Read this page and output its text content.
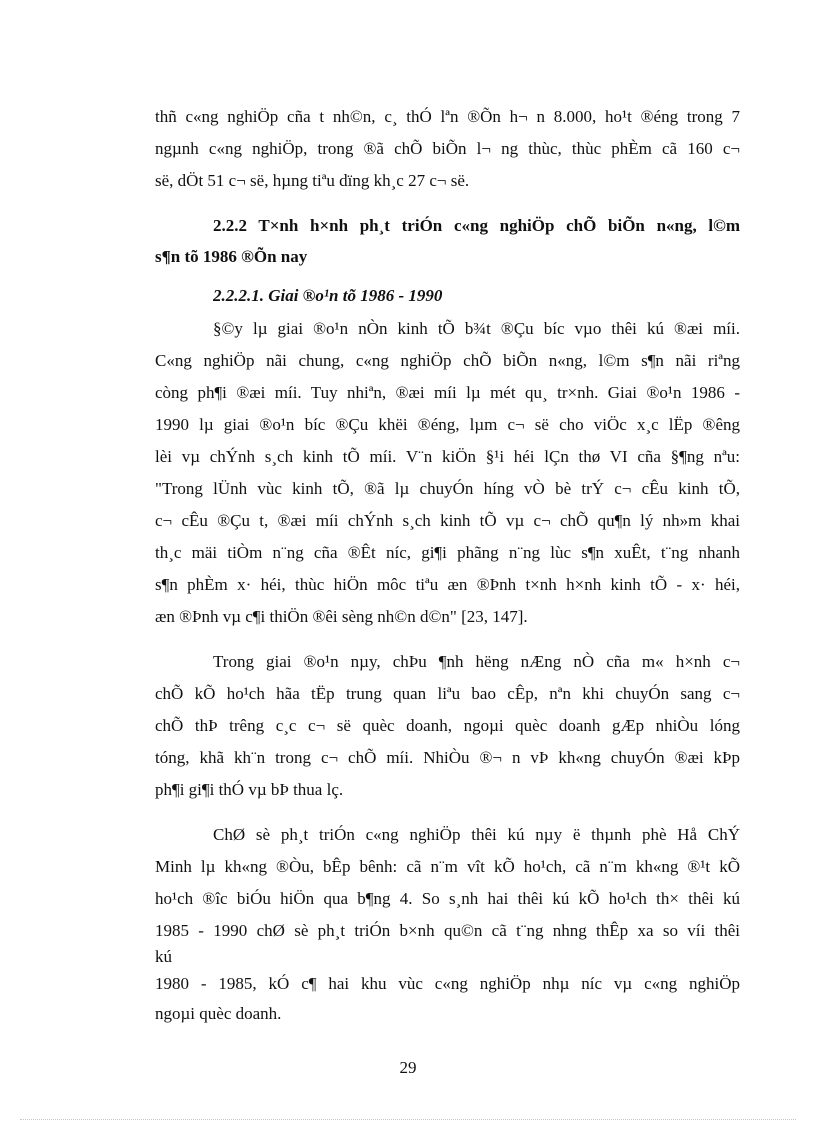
thñ c«ng nghiÖp cña t nh©n, c¸ thÓ lªn ®Õn h¬ n 8.000, ho¹t ®éng trong 7
ngµnh c«ng nghiÖp, trong ®ã chÕ biÕn l¬ ng thùc, thùc phÈm cã 160 c¬
së, dÖt 51 c¬ së, hµng tiªu dïng kh¸c 27 c¬ së.
2.2.2 T×nh h×nh ph¸t triÓn c«ng nghiÖp chÕ biÕn n«ng, l©m
s¶n tõ 1986 ®Õn nay
2.2.2.1. Giai ®o¹n tõ 1986 - 1990
§©y lµ giai ®o¹n nÒn kinh tÕ b¾t ®Çu bíc vµo thêi kú ®æi míi.
C«ng nghiÖp nãi chung, c«ng nghiÖp chÕ biÕn n«ng, l©m s¶n nãi riªng
còng ph¶i ®æi míi. Tuy nhiªn, ®æi míi lµ mét qu¸ tr×nh. Giai ®o¹n 1986 -
1990 lµ giai ®o¹n bíc ®Çu khëi ®éng, lµm c¬ së cho viÖc x¸c lËp ®êng
lèi vµ chÝnh s¸ch kinh tÕ míi. V¨n kiÖn §¹i héi lÇn thø VI cña §¶ng nªu:
"Trong lÜnh vùc kinh tÕ, ®ã lµ chuyÓn híng vÒ bè trÝ c¬ cÊu kinh tÕ,
c¬ cÊu ®Çu t, ®æi míi chÝnh s¸ch kinh tÕ vµ c¬ chÕ qu¶n lý nh»m khai
th¸c mäi tiÒm n¨ng cña ®Êt níc, gi¶i phãng n¨ng lùc s¶n xuÊt, t¨ng nhanh
s¶n phÈm x· héi, thùc hiÖn môc tiªu æn ®Þnh t×nh h×nh kinh tÕ - x· héi,
æn ®Þnh vµ c¶i thiÖn ®êi sèng nh©n d©n" [23, 147].
Trong giai ®o¹n nµy, chÞu ¶nh hëng nÆng nÒ cña m« h×nh c¬
chÕ kÕ ho¹ch hãa tËp trung quan liªu bao cÊp, nªn khi chuyÓn sang c¬
chÕ thÞ trêng c¸c c¬ së quèc doanh, ngoµi quèc doanh gÆp nhiÒu lóng
tóng, khã kh¨n trong c¬ chÕ míi. NhiÒu ®¬ n vÞ kh«ng chuyÓn ®æi kÞp
ph¶i gi¶i thÓ vµ bÞ thua lç.
ChØ sè ph¸t triÓn c«ng nghiÖp thêi kú nµy ë thµnh phè Hå ChÝ
Minh lµ kh«ng ®Òu, bÊp bênh: cã n¨m vît kÕ ho¹ch, cã n¨m kh«ng ®¹t kÕ
ho¹ch ®îc biÓu hiÖn qua b¶ng 4. So s¸nh hai thêi kú kÕ ho¹ch th× thêi kú
1985 - 1990 chØ sè ph¸t triÓn b×nh qu©n cã t¨ng nhng thÊp xa so víi thêi
kú
1980 - 1985, kÓ c¶ hai khu vùc c«ng nghiÖp nhµ níc vµ c«ng nghiÖp
ngoµi quèc doanh.
29
